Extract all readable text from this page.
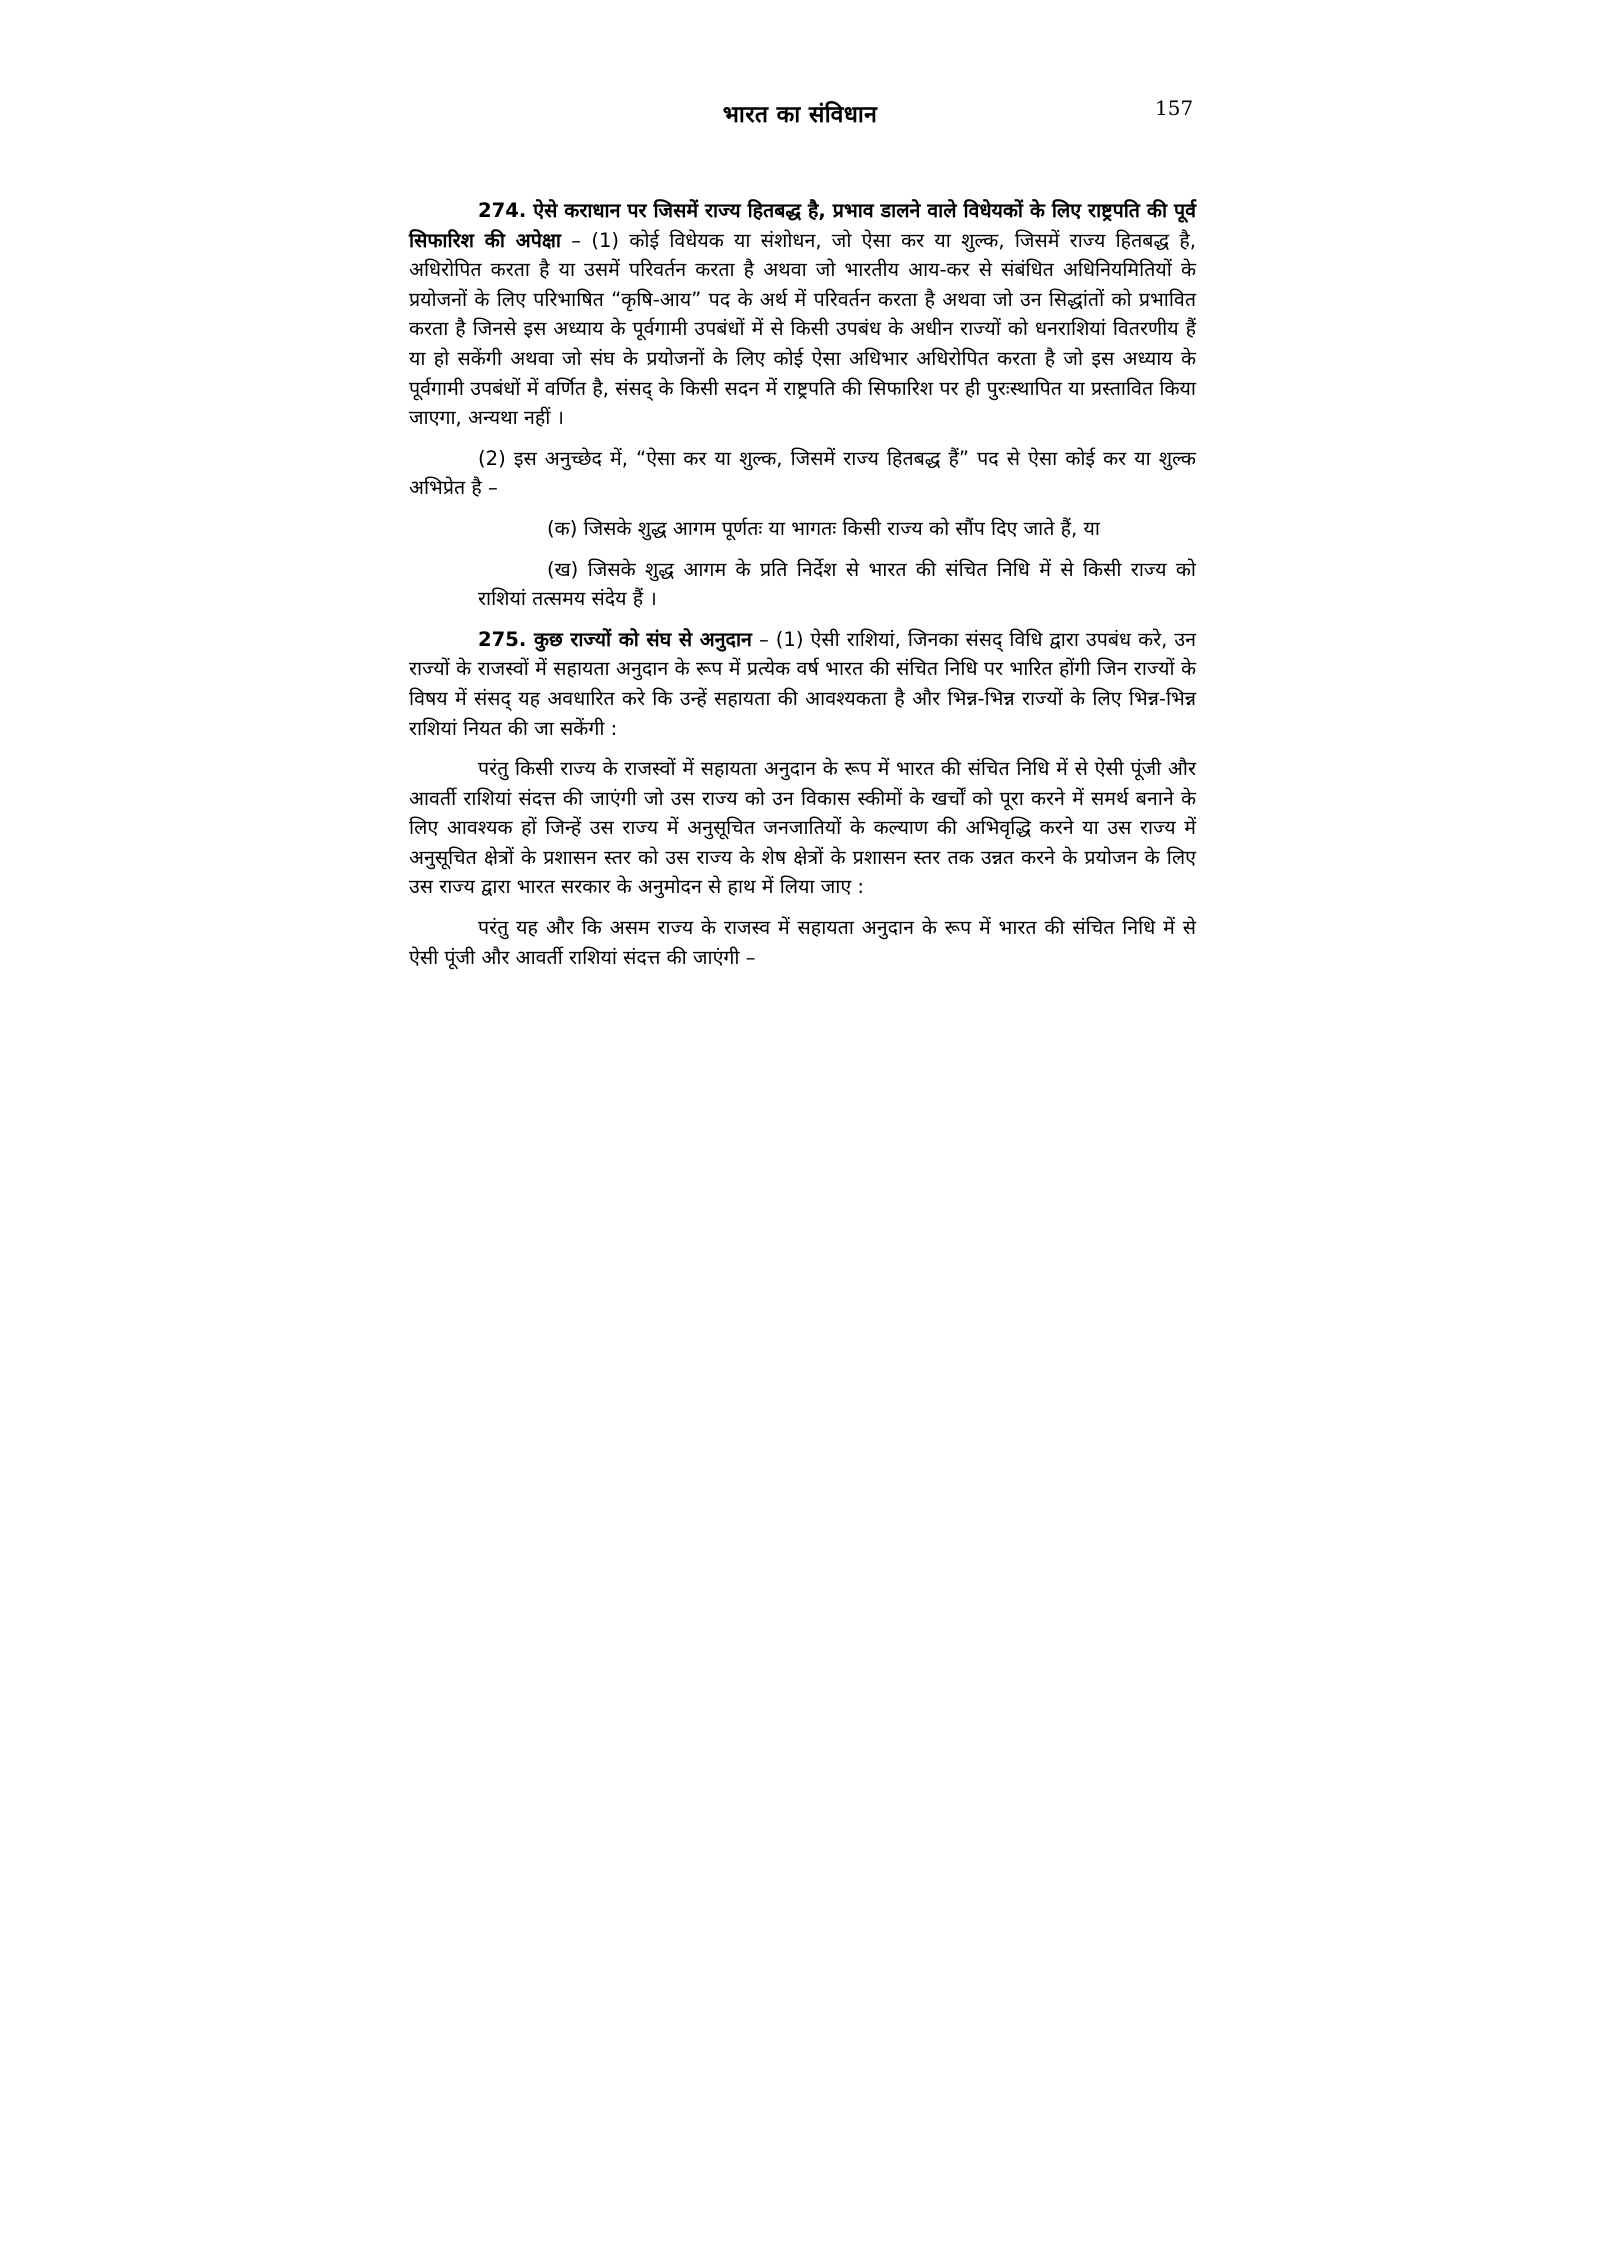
भारत का संविधान	157

274. ऐसे कराधान पर जिसमें राज्य हितबद्ध है, प्रभाव डालने वाले विधेयकों के लिए राष्ट्रपति की पूर्व सिफारिश की अपेक्षा – (1) कोई विधेयक या संशोधन, जो ऐसा कर या शुल्क, जिसमें राज्य हितबद्ध है, अधिरोपित करता है या उसमें परिवर्तन करता है अथवा जो भारतीय आय-कर से संबंधित अधिनियमितियों के प्रयोजनों के लिए परिभाषित “कृषि-आय” पद के अर्थ में परिवर्तन करता है अथवा जो उन सिद्धांतों को प्रभावित करता है जिनसे इस अध्याय के पूर्वगामी उपबंधों में से किसी उपबंध के अधीन राज्यों को धनराशियां वितरणीय हैं या हो सकेंगी अथवा जो संघ के प्रयोजनों के लिए कोई ऐसा अधिभार अधिरोपित करता है जो इस अध्याय के पूर्वगामी उपबंधों में वर्णित है, संसद् के किसी सदन में राष्ट्रपति की सिफारिश पर ही पुरःस्थापित या प्रस्तावित किया जाएगा, अन्यथा नहीं ।

(2) इस अनुच्छेद में, “ऐसा कर या शुल्क, जिसमें राज्य हितबद्ध हैं” पद से ऐसा कोई कर या शुल्क अभिप्रेत है –

(क) जिसके शुद्ध आगम पूर्णतः या भागतः किसी राज्य को सौंप दिए जाते हैं, या

(ख) जिसके शुद्ध आगम के प्रति निर्देश से भारत की संचित निधि में से किसी राज्य को राशियां तत्समय संदेय हैं ।

275. कुछ राज्यों को संघ से अनुदान – (1) ऐसी राशियां, जिनका संसद् विधि द्वारा उपबंध करे, उन राज्यों के राजस्वों में सहायता अनुदान के रूप में प्रत्येक वर्ष भारत की संचित निधि पर भारित होंगी जिन राज्यों के विषय में संसद् यह अवधारित करे कि उन्हें सहायता की आवश्यकता है और भिन्न-भिन्न राज्यों के लिए भिन्न-भिन्न राशियां नियत की जा सकेंगी :

परंतु किसी राज्य के राजस्वों में सहायता अनुदान के रूप में भारत की संचित निधि में से ऐसी पूंजी और आवर्ती राशियां संदत्त की जाएंगी जो उस राज्य को उन विकास स्कीमों के खर्चों को पूरा करने में समर्थ बनाने के लिए आवश्यक हों जिन्हें उस राज्य में अनुसूचित जनजातियों के कल्याण की अभिवृद्धि करने या उस राज्य में अनुसूचित क्षेत्रों के प्रशासन स्तर को उस राज्य के शेष क्षेत्रों के प्रशासन स्तर तक उन्नत करने के प्रयोजन के लिए उस राज्य द्वारा भारत सरकार के अनुमोदन से हाथ में लिया जाए :

परंतु यह और कि असम राज्य के राजस्व में सहायता अनुदान के रूप में भारत की संचित निधि में से ऐसी पूंजी और आवर्ती राशियां संदत्त की जाएंगी –
